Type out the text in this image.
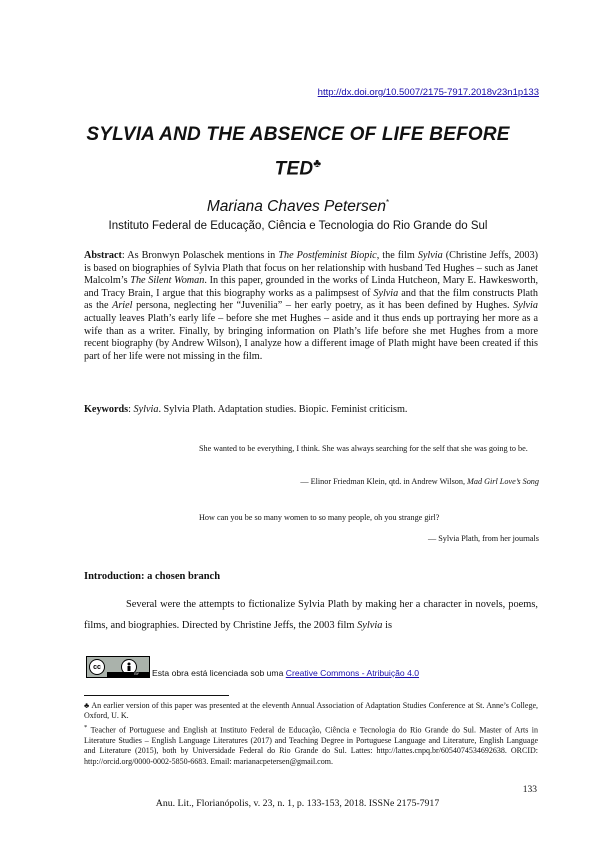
http://dx.doi.org/10.5007/2175-7917.2018v23n1p133
SYLVIA AND THE ABSENCE OF LIFE BEFORE
TED♣
Mariana Chaves Petersen*
Instituto Federal de Educação, Ciência e Tecnologia do Rio Grande do Sul
Abstract: As Bronwyn Polaschek mentions in The Postfeminist Biopic, the film Sylvia (Christine Jeffs, 2003) is based on biographies of Sylvia Plath that focus on her relationship with husband Ted Hughes – such as Janet Malcolm’s The Silent Woman. In this paper, grounded in the works of Linda Hutcheon, Mary E. Hawkesworth, and Tracy Brain, I argue that this biography works as a palimpsest of Sylvia and that the film constructs Plath as the Ariel persona, neglecting her “Juvenilia” – her early poetry, as it has been defined by Hughes. Sylvia actually leaves Plath’s early life – before she met Hughes – aside and it thus ends up portraying her more as a wife than as a writer. Finally, by bringing information on Plath’s life before she met Hughes from a more recent biography (by Andrew Wilson), I analyze how a different image of Plath might have been created if this part of her life were not missing in the film.
Keywords: Sylvia. Sylvia Plath. Adaptation studies. Biopic. Feminist criticism.
She wanted to be everything, I think. She was always searching for the self that she was going to be.
— Elinor Friedman Klein, qtd. in Andrew Wilson, Mad Girl Love’s Song
How can you be so many women to so many people, oh you strange girl?
— Sylvia Plath, from her journals
Introduction: a chosen branch
Several were the attempts to fictionalize Sylvia Plath by making her a character in novels, poems, films, and biographies. Directed by Christine Jeffs, the 2003 film Sylvia is
cc
BY Esta obra está licenciada sob uma Creative Commons - Atribuição 4.0

♣ An earlier version of this paper was presented at the eleventh Annual Association of Adaptation Studies Conference at St. Anne’s College, Oxford, U. K.

* Teacher of Portuguese and English at Instituto Federal de Educação, Ciência e Tecnologia do Rio Grande do Sul. Master of Arts in Literature Studies – English Language Literatures (2017) and Teaching Degree in Portuguese Language and Literature, English Language and Literature (2015), both by Universidade Federal do Rio Grande do Sul. Lattes: http://lattes.cnpq.br/6054074534692638. ORCID: http://orcid.org/0000-0002-5850-6683. Email: marianacpetersen@gmail.com.

133
Anu. Lit., Florianópolis, v. 23, n. 1, p. 133-153, 2018. ISSNe 2175-7917
